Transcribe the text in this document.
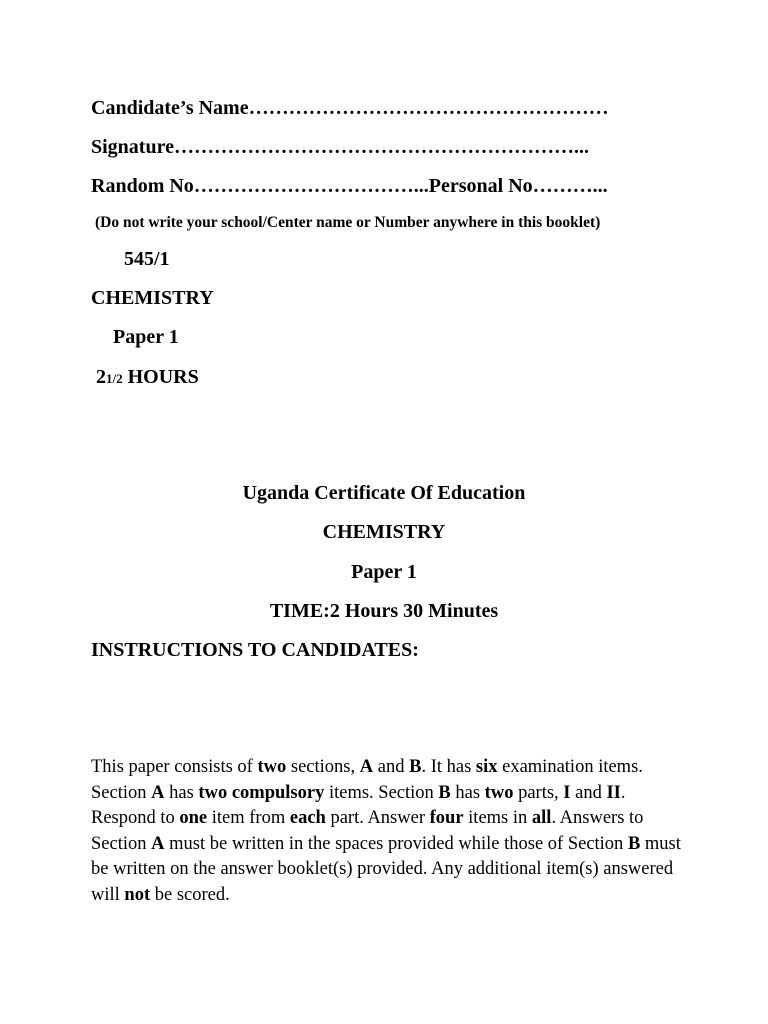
Candidate’s Name………………………………………………
Signature……………………………………………………...
Random No……………………………...Personal No………...
(Do not write your school/Center name or Number anywhere in this booklet)
545/1
CHEMISTRY
Paper 1
21/2 HOURS
Uganda Certificate Of Education
CHEMISTRY
Paper 1
TIME:2 Hours 30 Minutes
INSTRUCTIONS TO CANDIDATES:
This paper consists of two sections, A and B. It has six examination items. Section A has two compulsory items. Section B has two parts, I and II. Respond to one item from each part. Answer four items in all. Answers to Section A must be written in the spaces provided while those of Section B must be written on the answer booklet(s) provided. Any additional item(s) answered will not be scored.
